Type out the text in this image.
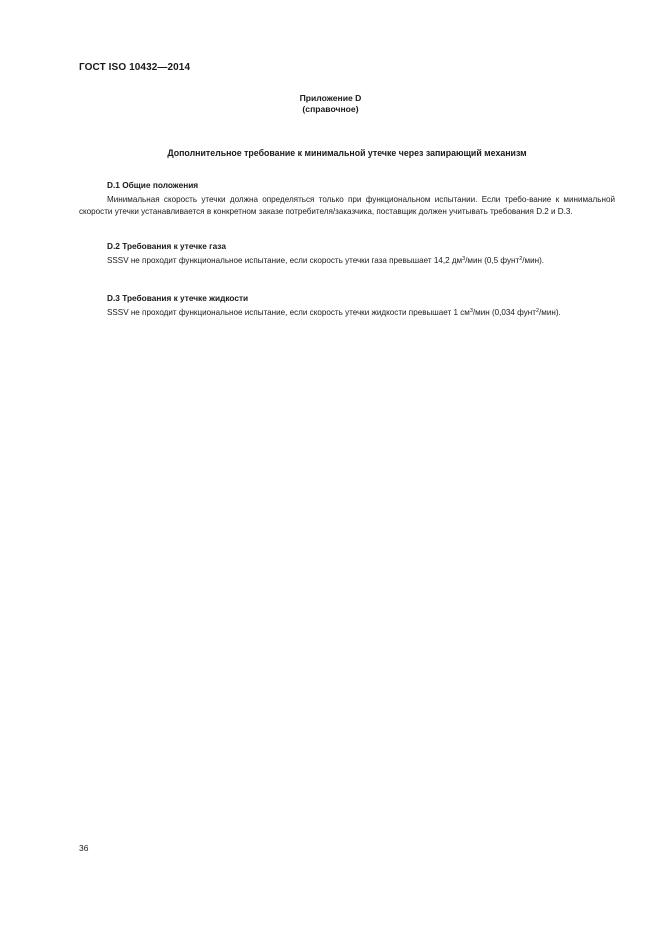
ГОСТ ISO 10432—2014
Приложение D
(справочное)
Дополнительное требование к минимальной утечке через запирающий механизм
D.1 Общие положения

Минимальная скорость утечки должна определяться только при функциональном испытании. Если требо-вание к минимальной скорости утечки устанавливается в конкретном заказе потребителя/заказчика, поставщик должен учитывать требования D.2 и D.3.

D.2 Требования к утечке газа

SSSV не проходит функциональное испытание, если скорость утечки газа превышает 14,2 $дм^3$/мин (0,5 фунт$^2$/мин).

D.3 Требования к утечке жидкости

SSSV не проходит функциональное испытание, если скорость утечки жидкости превышает 1 $см^3$/мин (0,034 фунт$^2$/мин).

36
